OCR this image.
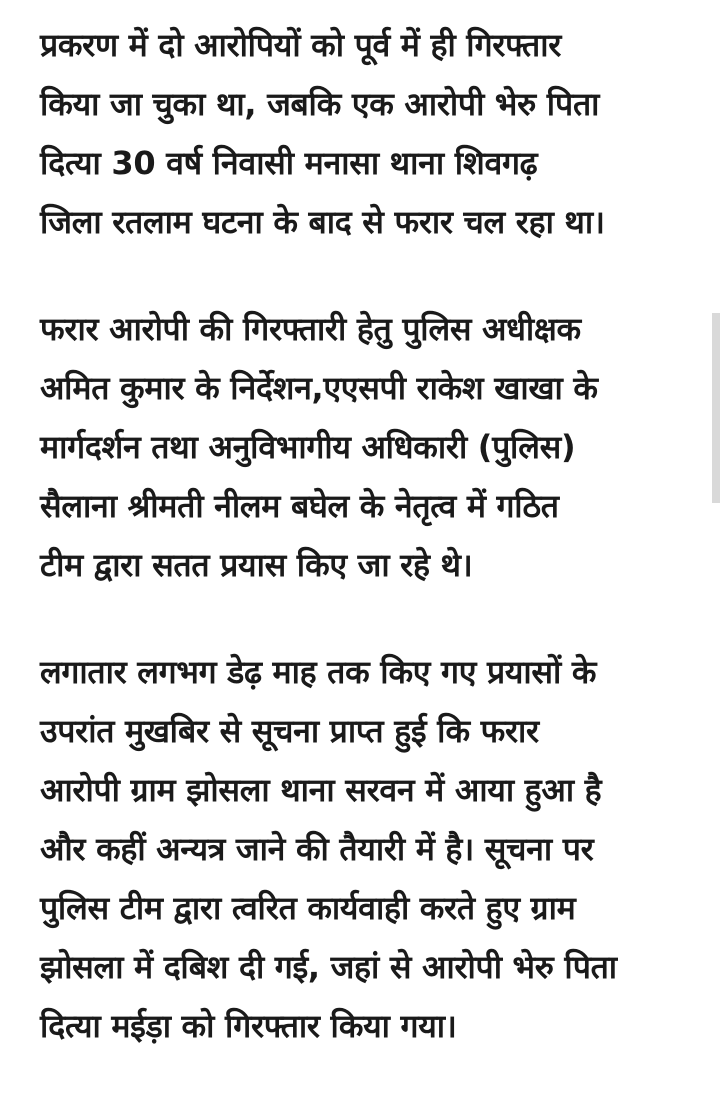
प्रकरण में दो आरोपियों को पूर्व में ही गिरफ्तार
किया जा चुका था, जबकि एक आरोपी भेरु पिता
दित्या 30 वर्ष निवासी मनासा थाना शिवगढ़
जिला रतलाम घटना के बाद से फरार चल रहा था।
फरार आरोपी की गिरफ्तारी हेतु पुलिस अधीक्षक
अमित कुमार के निर्देशन,एएसपी राकेश खाखा के
मार्गदर्शन तथा अनुविभागीय अधिकारी (पुलिस)
सैलाना श्रीमती नीलम बघेल के नेतृत्व में गठित
टीम द्वारा सतत प्रयास किए जा रहे थे।
लगातार लगभग डेढ़ माह तक किए गए प्रयासों के
उपरांत मुखबिर से सूचना प्राप्त हुई कि फरार
आरोपी ग्राम झोसला थाना सरवन में आया हुआ है
और कहीं अन्यत्र जाने की तैयारी में है। सूचना पर
पुलिस टीम द्वारा त्वरित कार्यवाही करते हुए ग्राम
झोसला में दबिश दी गई, जहां से आरोपी भेरु पिता
दित्या मईड़ा को गिरफ्तार किया गया।
